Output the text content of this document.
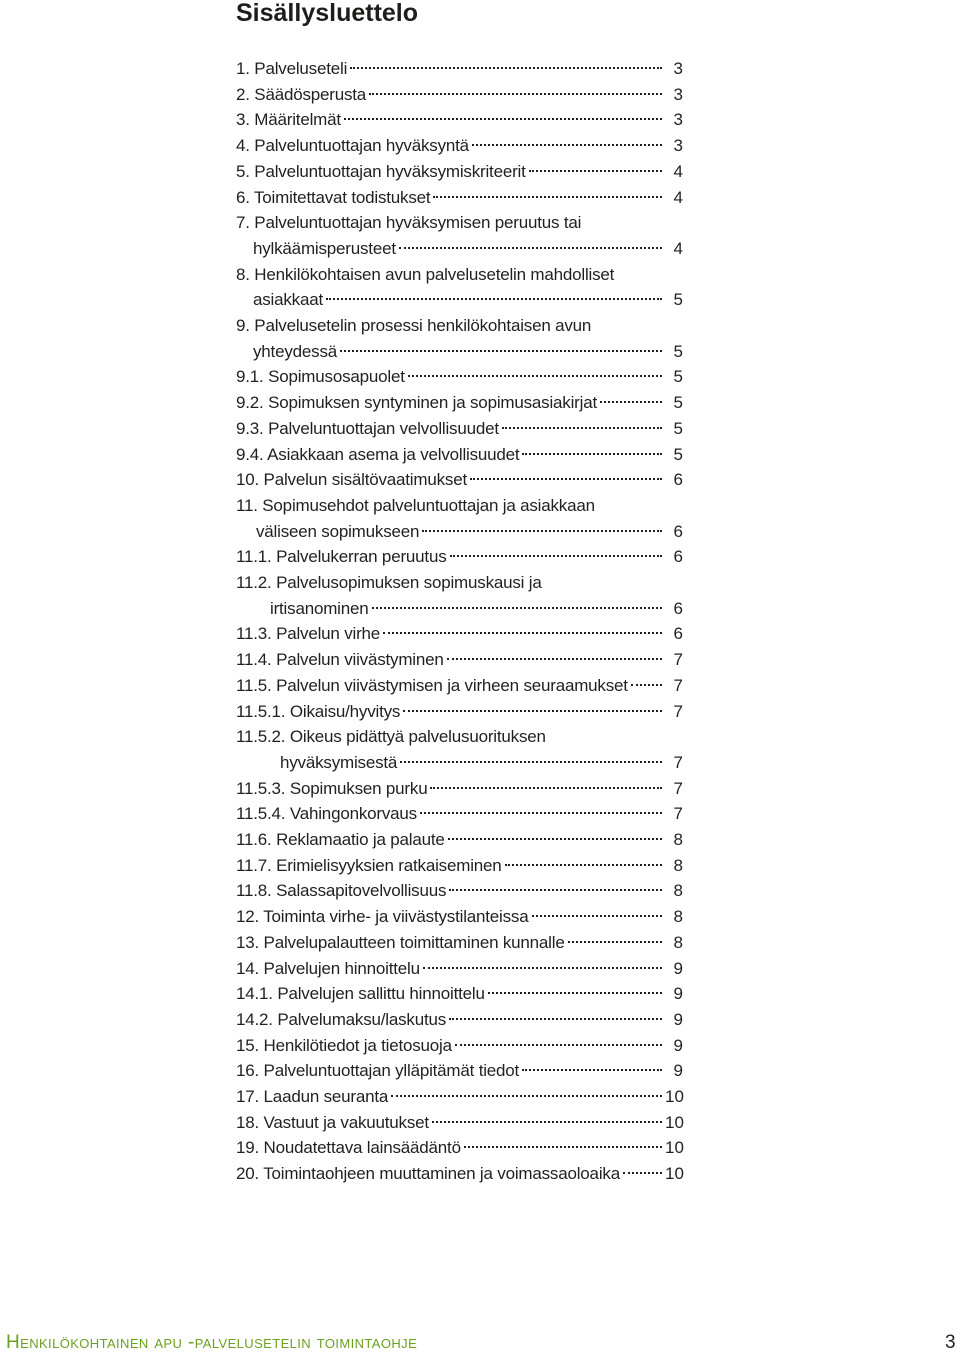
Sisällysluettelo
1. Palveluseteli	3
2. Säädösperusta	3
3. Määritelmät	3
4. Palveluntuottajan hyväksyntä	3
5. Palveluntuottajan hyväksymiskriteerit	4
6. Toimitettavat todistukset	4
7. Palveluntuottajan hyväksymisen peruutus tai
hylkäämisperusteet	4
8. Henkilökohtaisen avun palvelusetelin mahdolliset
asiakkaat	5
9. Palvelusetelin prosessi henkilökohtaisen avun
yhteydessä	5
9.1. Sopimusosapuolet	5
9.2. Sopimuksen syntyminen ja sopimusasiakirjat	5
9.3. Palveluntuottajan velvollisuudet	5
9.4. Asiakkaan asema ja velvollisuudet	5
10. Palvelun sisältövaatimukset	6
11. Sopimusehdot palveluntuottajan ja asiakkaan
väliseen sopimukseen	6
11.1. Palvelukerran peruutus	6
11.2. Palvelusopimuksen sopimuskausi ja
irtisanominen	6
11.3. Palvelun virhe	6
11.4. Palvelun viivästyminen	7
11.5. Palvelun viivästymisen ja virheen seuraamukset	7
11.5.1. Oikaisu/hyvitys	7
11.5.2. Oikeus pidättyä palvelusuorituksen
hyväksymisestä	7
11.5.3. Sopimuksen purku	7
11.5.4. Vahingonkorvaus	7
11.6. Reklamaatio ja palaute	8
11.7. Erimielisyyksien ratkaiseminen	8
11.8. Salassapitovelvollisuus	8
12. Toiminta virhe- ja viivästystilanteissa	8
13. Palvelupalautteen toimittaminen kunnalle	8
14. Palvelujen hinnoittelu	9
14.1. Palvelujen sallittu hinnoittelu	9
14.2. Palvelumaksu/laskutus	9
15. Henkilötiedot ja tietosuoja	9
16. Palveluntuottajan ylläpitämät tiedot	9
17. Laadun seuranta	10
18. Vastuut ja vakuutukset	10
19. Noudatettava lainsäädäntö	10
20. Toimintaohjeen muuttaminen ja voimassaoloaika	10
Henkilökohtainen apu -palvelusetelin toimintaohje	3
